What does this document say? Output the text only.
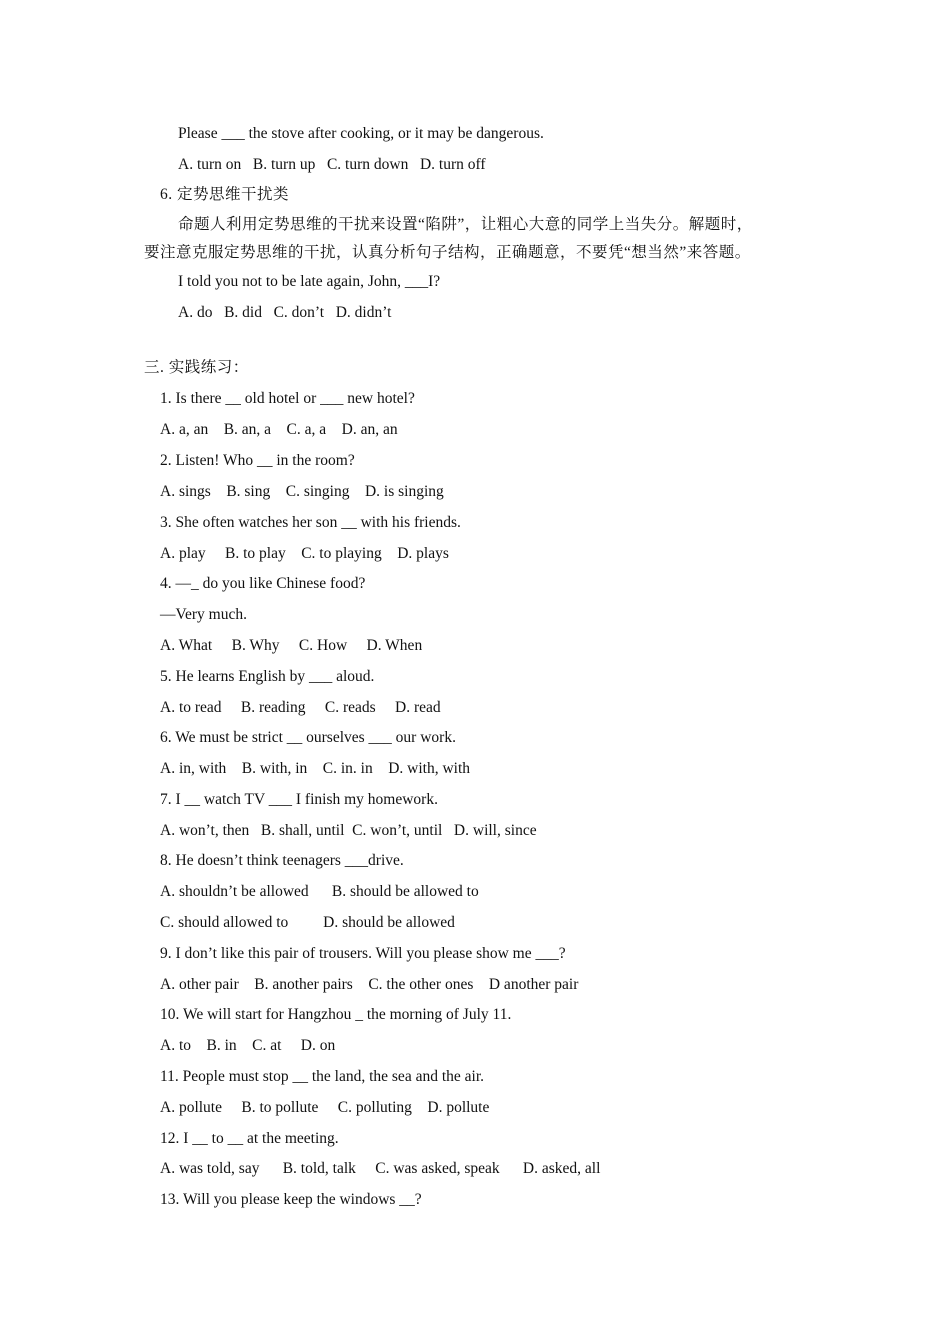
Please ___ the stove after cooking, or it may be dangerous.
A. turn on   B. turn up   C. turn down   D. turn off
6. 定势思维干扰类
命题人利用定势思维的干扰来设置“陷阱”，让粗心大意的同学上当失分。解题时，
要注意克服定势思维的干扰，认真分析句子结构，正确题意，不要凭“想当然”来答题。
I told you not to be late again, John, ___I?
A. do   B. did   C. don’t   D. didn’t
三. 实践练习：
1. Is there __ old hotel or ___ new hotel?
A. a, an    B. an, a    C. a, a    D. an, an
2. Listen! Who __ in the room?
A. sings    B. sing    C. singing    D. is singing
3. She often watches her son __ with his friends.
A. play     B. to play    C. to playing    D. plays
4. —_ do you like Chinese food?
—Very much.
A. What     B. Why     C. How     D. When
5. He learns English by ___ aloud.
A. to read     B. reading     C. reads     D. read
6. We must be strict __ ourselves ___ our work.
A. in, with    B. with, in    C. in. in    D. with, with
7. I __ watch TV ___ I finish my homework.
A. won’t, then   B. shall, until  C. won’t, until   D. will, since
8. He doesn’t think teenagers ___drive.
A. shouldn’t be allowed      B. should be allowed to
C. should allowed to         D. should be allowed
9. I don’t like this pair of trousers. Will you please show me ___?
A. other pair    B. another pairs    C. the other ones    D another pair
10. We will start for Hangzhou _ the morning of July 11.
A. to    B. in    C. at     D. on
11. People must stop __ the land, the sea and the air.
A. pollute     B. to pollute     C. polluting    D. pollute
12. I __ to __ at the meeting.
A. was told, say      B. told, talk     C. was asked, speak      D. asked, all
13. Will you please keep the windows __?
